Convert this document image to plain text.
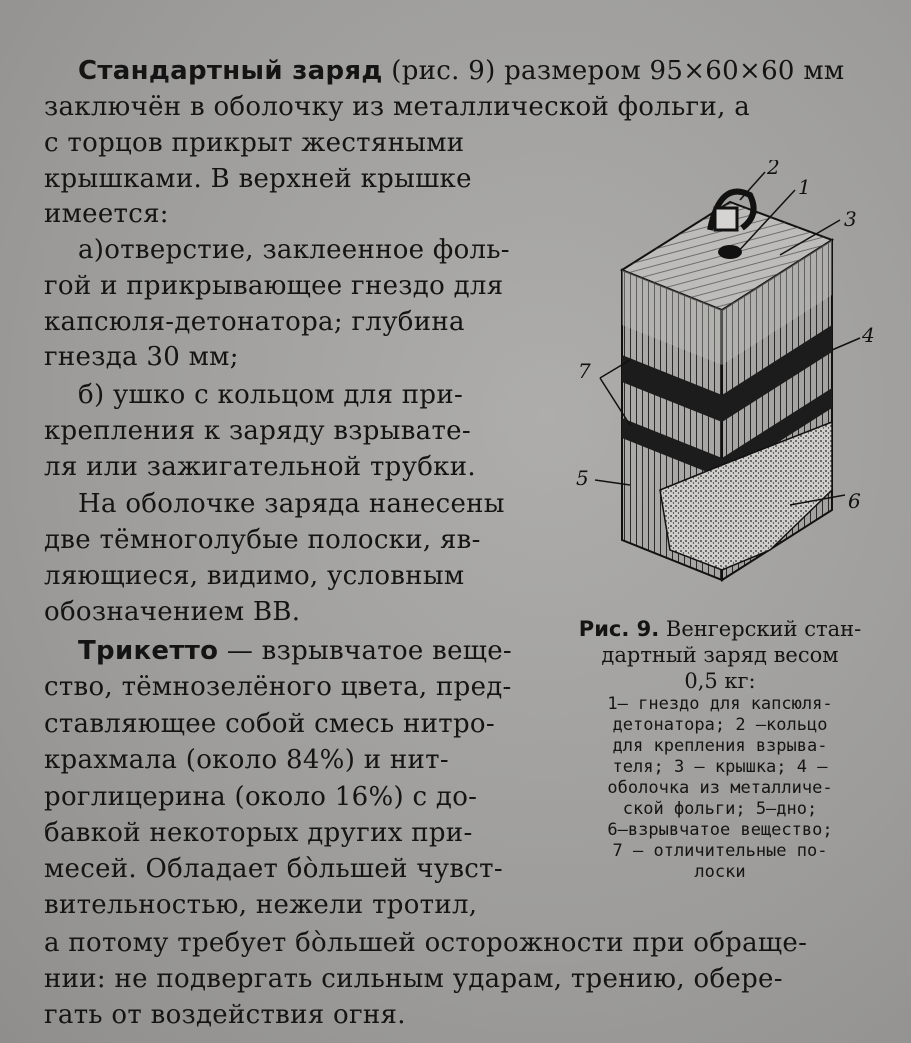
Стандартный заряд (рис. 9) размером 95×60×60 мм
заключён в оболочку из металлической фольги, а
с торцов прикрыт жестяными
крышками. В верхней крышке
имеется:
а)отверстие, заклеенное фоль-
гой и прикрывающее гнездо для
капсюля-детонатора; глубина
гнезда 30 мм;
б) ушко с кольцом для при-
крепления к заряду взрывате-
ля или зажигательной трубки.
На оболочке заряда нанесены
две тёмноголубые полоски, яв-
ляющиеся, видимо, условным
обозначением ВВ.
Трикетто — взрывчатое веще-
ство, тёмнозелёного цвета, пред-
ставляющее собой смесь нитро-
крахмала (около 84%) и нит-
роглицерина (около 16%) с до-
бавкой некоторых других при-
месей. Обладает бо̀льшей чувст-
вительностью, нежели тротил,
а потому требует бо̀льшей осторожности при обраще-
нии: не подвергать сильным ударам, трению, обере-
гать от воздействия огня.
2
1
3
4
7
5
6
Рис. 9. Венгерский стан-
дартный заряд весом
0,5 кг:
1— гнездо для капсюля-
детонатора; 2 —кольцо
для крепления взрыва-
теля; 3 — крышка; 4 —
оболочка из металличе-
ской фольги; 5—дно;
6—взрывчатое вещество;
7 — отличительные по-
лоски
